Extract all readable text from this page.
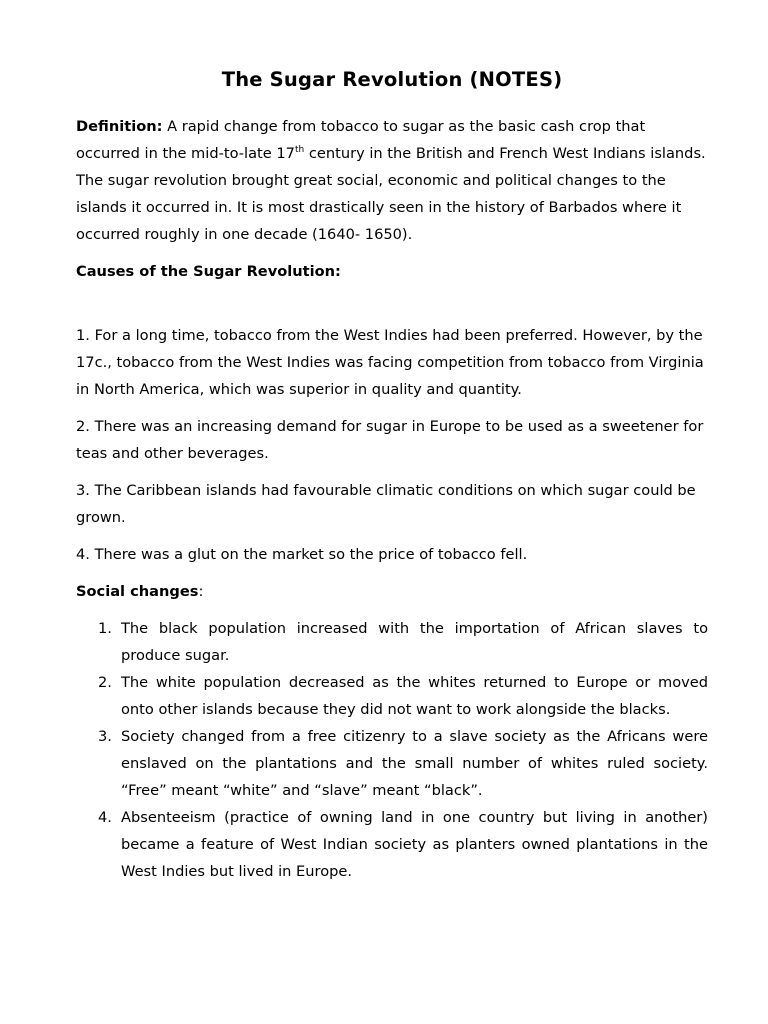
The Sugar Revolution (NOTES)
Definition: A rapid change from tobacco to sugar as the basic cash crop that occurred in the mid-to-late 17th century in the British and French West Indians islands. The sugar revolution brought great social, economic and political changes to the islands it occurred in. It is most drastically seen in the history of Barbados where it occurred roughly in one decade (1640- 1650).
Causes of the Sugar Revolution:
1. For a long time, tobacco from the West Indies had been preferred. However, by the 17c., tobacco from the West Indies was facing competition from tobacco from Virginia in North America, which was superior in quality and quantity.
2. There was an increasing demand for sugar in Europe to be used as a sweetener for teas and other beverages.
3. The Caribbean islands had favourable climatic conditions on which sugar could be grown.
4. There was a glut on the market so the price of tobacco fell.
Social changes:
1. The black population increased with the importation of African slaves to produce sugar.
2. The white population decreased as the whites returned to Europe or moved onto other islands because they did not want to work alongside the blacks.
3. Society changed from a free citizenry to a slave society as the Africans were enslaved on the plantations and the small number of whites ruled society. “Free” meant “white” and “slave” meant “black”.
4. Absenteeism (practice of owning land in one country but living in another) became a feature of West Indian society as planters owned plantations in the West Indies but lived in Europe.
